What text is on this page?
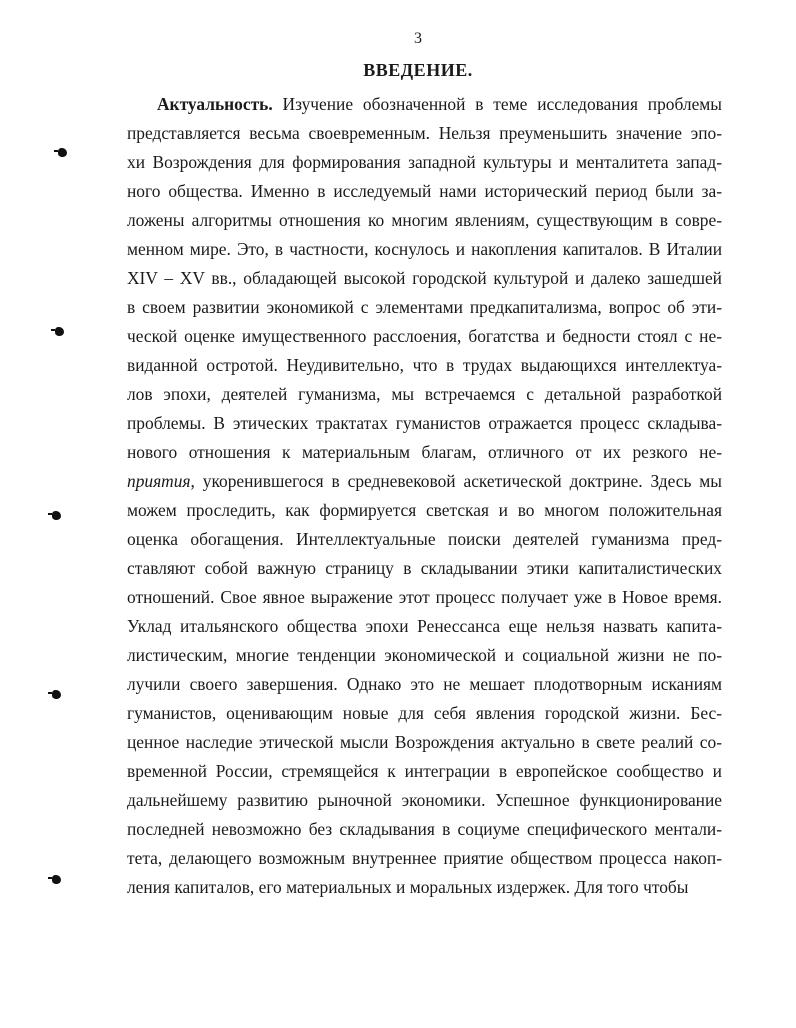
3
ВВЕДЕНИЕ.
Актуальность. Изучение обозначенной в теме исследования проблемы
представляется весьма своевременным. Нельзя преуменьшить значение эпо-
хи Возрождения для формирования западной культуры и менталитета запад-
ного общества. Именно в исследуемый нами исторический период были за-
ложены алгоритмы отношения ко многим явлениям, существующим в совре-
менном мире. Это, в частности, коснулось и накопления капиталов. В Италии
XIV – XV вв., обладающей высокой городской культурой и далеко зашедшей
в своем развитии экономикой с элементами предкапитализма, вопрос об эти-
ческой оценке имущественного расслоения, богатства и бедности стоял с не-
виданной остротой. Неудивительно, что в трудах выдающихся интеллектуа-
лов эпохи, деятелей гуманизма, мы встречаемся с детальной разработкой
проблемы. В этических трактатах гуманистов отражается процесс складыва-
нового отношения к материальным благам, отличного от их резкого не-
приятия, укоренившегося в средневековой аскетической доктрине. Здесь мы
можем проследить, как формируется светская и во многом положительная
оценка обогащения. Интеллектуальные поиски деятелей гуманизма пред-
ставляют собой важную страницу в складывании этики капиталистических
отношений. Свое явное выражение этот процесс получает уже в Новое время.
Уклад итальянского общества эпохи Ренессанса еще нельзя назвать капита-
листическим, многие тенденции экономической и социальной жизни не по-
лучили своего завершения. Однако это не мешает плодотворным исканиям
гуманистов, оценивающим новые для себя явления городской жизни. Бес-
ценное наследие этической мысли Возрождения актуально в свете реалий со-
временной России, стремящейся к интеграции в европейское сообщество и
дальнейшему развитию рыночной экономики. Успешное функционирование
последней невозможно без складывания в социуме специфического ментали-
тета, делающего возможным внутреннее приятие обществом процесса накоп-
ления капиталов, его материальных и моральных издержек. Для того чтобы
